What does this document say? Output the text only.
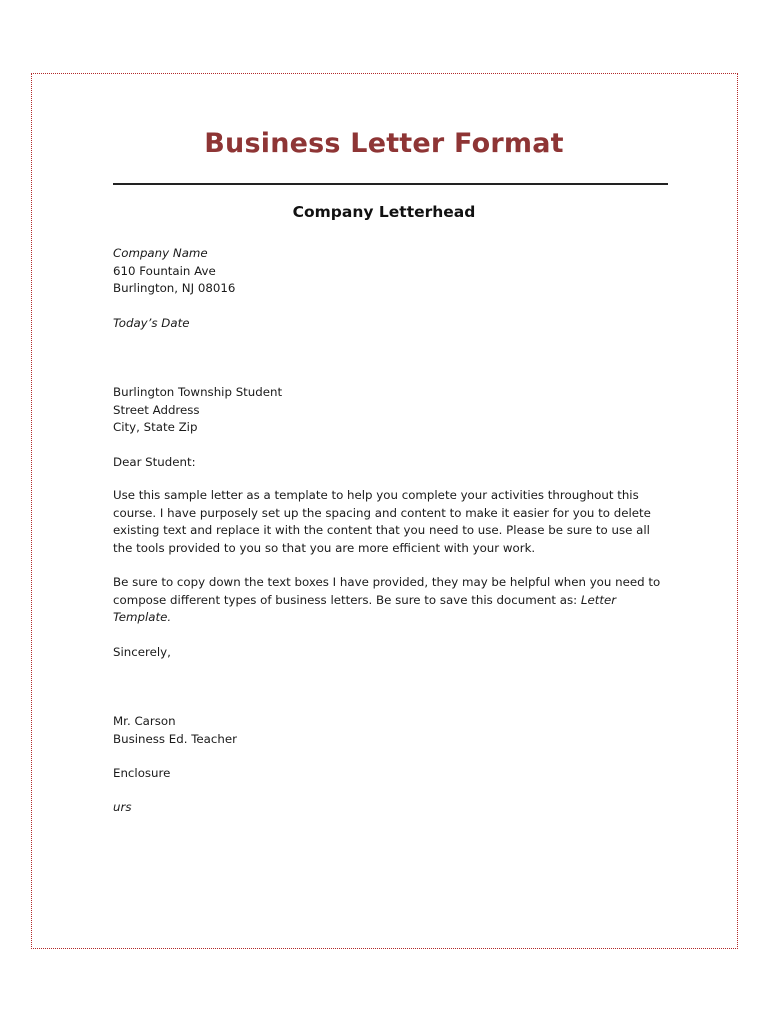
Business Letter Format
Company Letterhead

Company Name

610 Fountain Ave

Burlington, NJ 08016

Today’s Date

Burlington Township Student

Street Address

City, State Zip

Dear Student:

Use this sample letter as a template to help you complete your activities throughout this course. I have purposely set up the spacing and content to make it easier for you to delete existing text and replace it with the content that you need to use. Please be sure to use all the tools provided to you so that you are more efficient with your work.

Be sure to copy down the text boxes I have provided, they may be helpful when you need to compose different types of business letters. Be sure to save this document as: Letter Template.

Sincerely,

Mr. Carson

Business Ed. Teacher

Enclosure

urs
